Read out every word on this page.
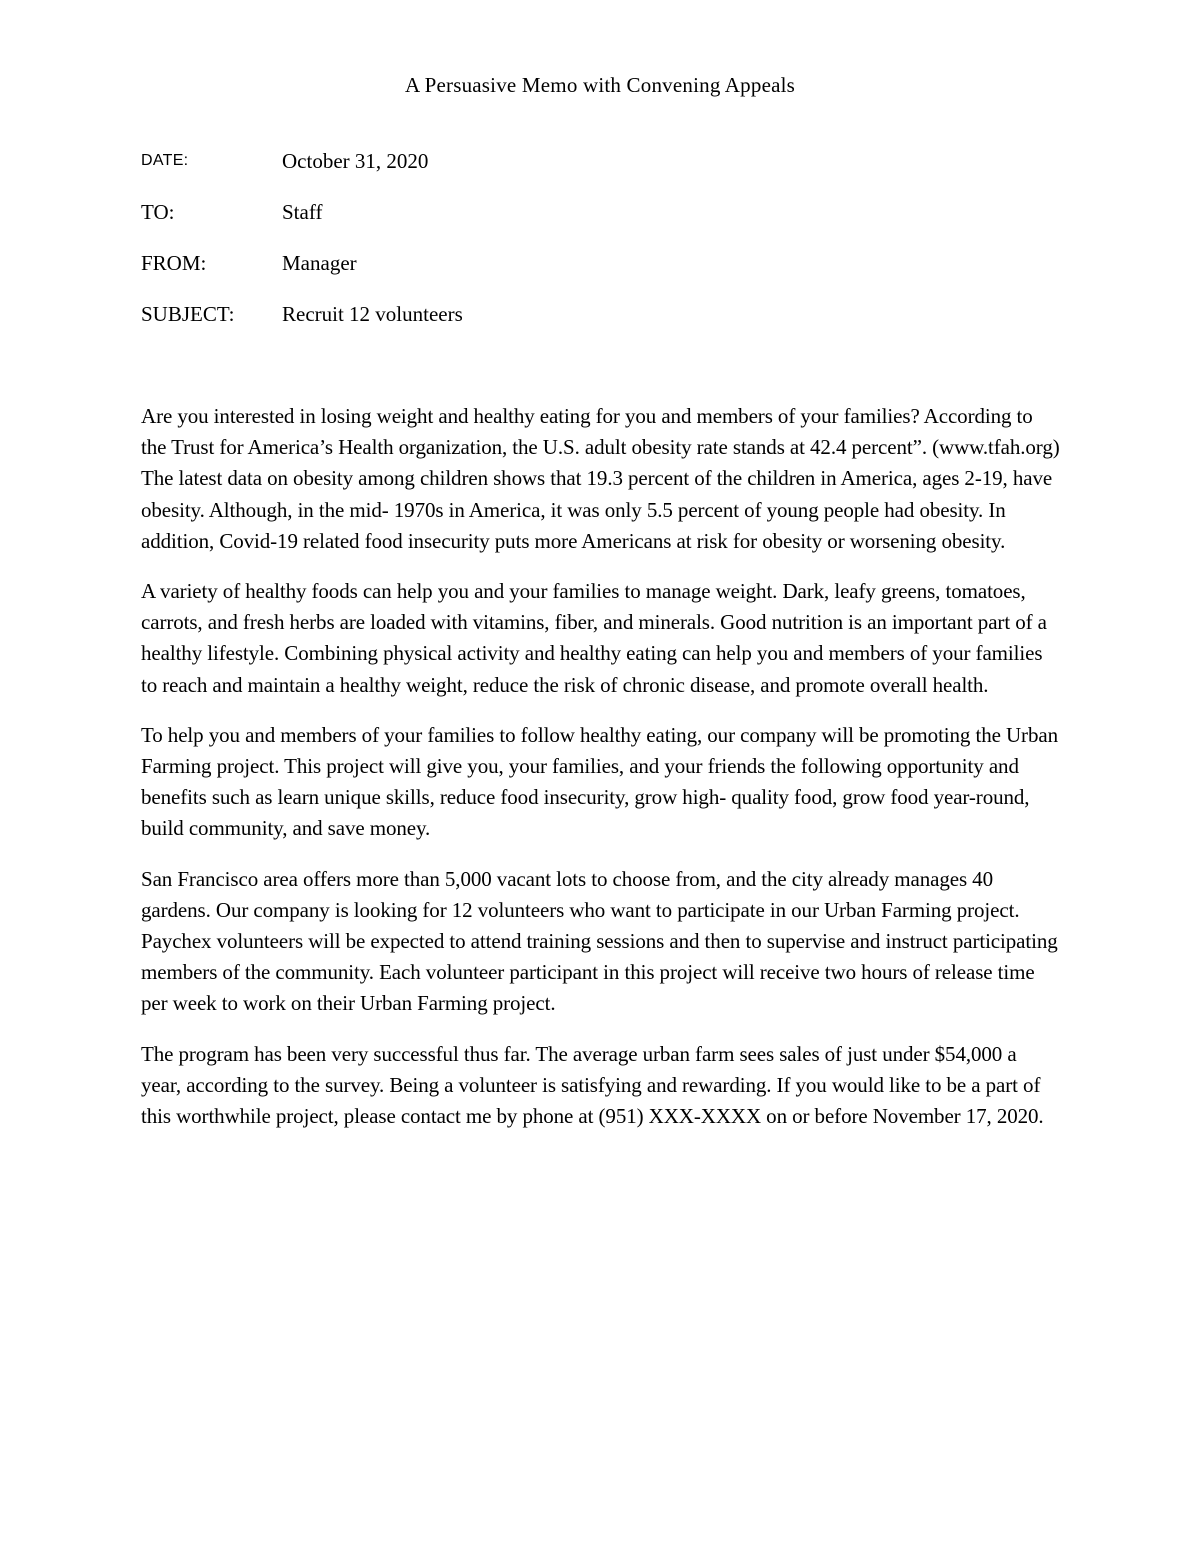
A Persuasive Memo with Convening Appeals
DATE:	October 31, 2020
TO:	Staff
FROM:	Manager
SUBJECT:	Recruit 12 volunteers

Are you interested in losing weight and healthy eating for you and members of your families? According to the Trust for America’s Health organization, the U.S. adult obesity rate stands at 42.4 percent”. (www.tfah.org) The latest data on obesity among children shows that 19.3 percent of the children in America, ages 2-19, have obesity. Although, in the mid- 1970s in America, it was only 5.5 percent of young people had obesity. In addition, Covid-19 related food insecurity puts more Americans at risk for obesity or worsening obesity.

A variety of healthy foods can help you and your families to manage weight. Dark, leafy greens, tomatoes, carrots, and fresh herbs are loaded with vitamins, fiber, and minerals. Good nutrition is an important part of a healthy lifestyle. Combining physical activity and healthy eating can help you and members of your families to reach and maintain a healthy weight, reduce the risk of chronic disease, and promote overall health.

To help you and members of your families to follow healthy eating, our company will be promoting the Urban Farming project. This project will give you, your families, and your friends the following opportunity and benefits such as learn unique skills, reduce food insecurity, grow high- quality food, grow food year-round, build community, and save money.

San Francisco area offers more than 5,000 vacant lots to choose from, and the city already manages 40 gardens. Our company is looking for 12 volunteers who want to participate in our Urban Farming project. Paychex volunteers will be expected to attend training sessions and then to supervise and instruct participating members of the community. Each volunteer participant in this project will receive two hours of release time per week to work on their Urban Farming project.

The program has been very successful thus far. The average urban farm sees sales of just under $54,000 a year, according to the survey. Being a volunteer is satisfying and rewarding. If you would like to be a part of this worthwhile project, please contact me by phone at (951) XXX-XXXX on or before November 17, 2020.
